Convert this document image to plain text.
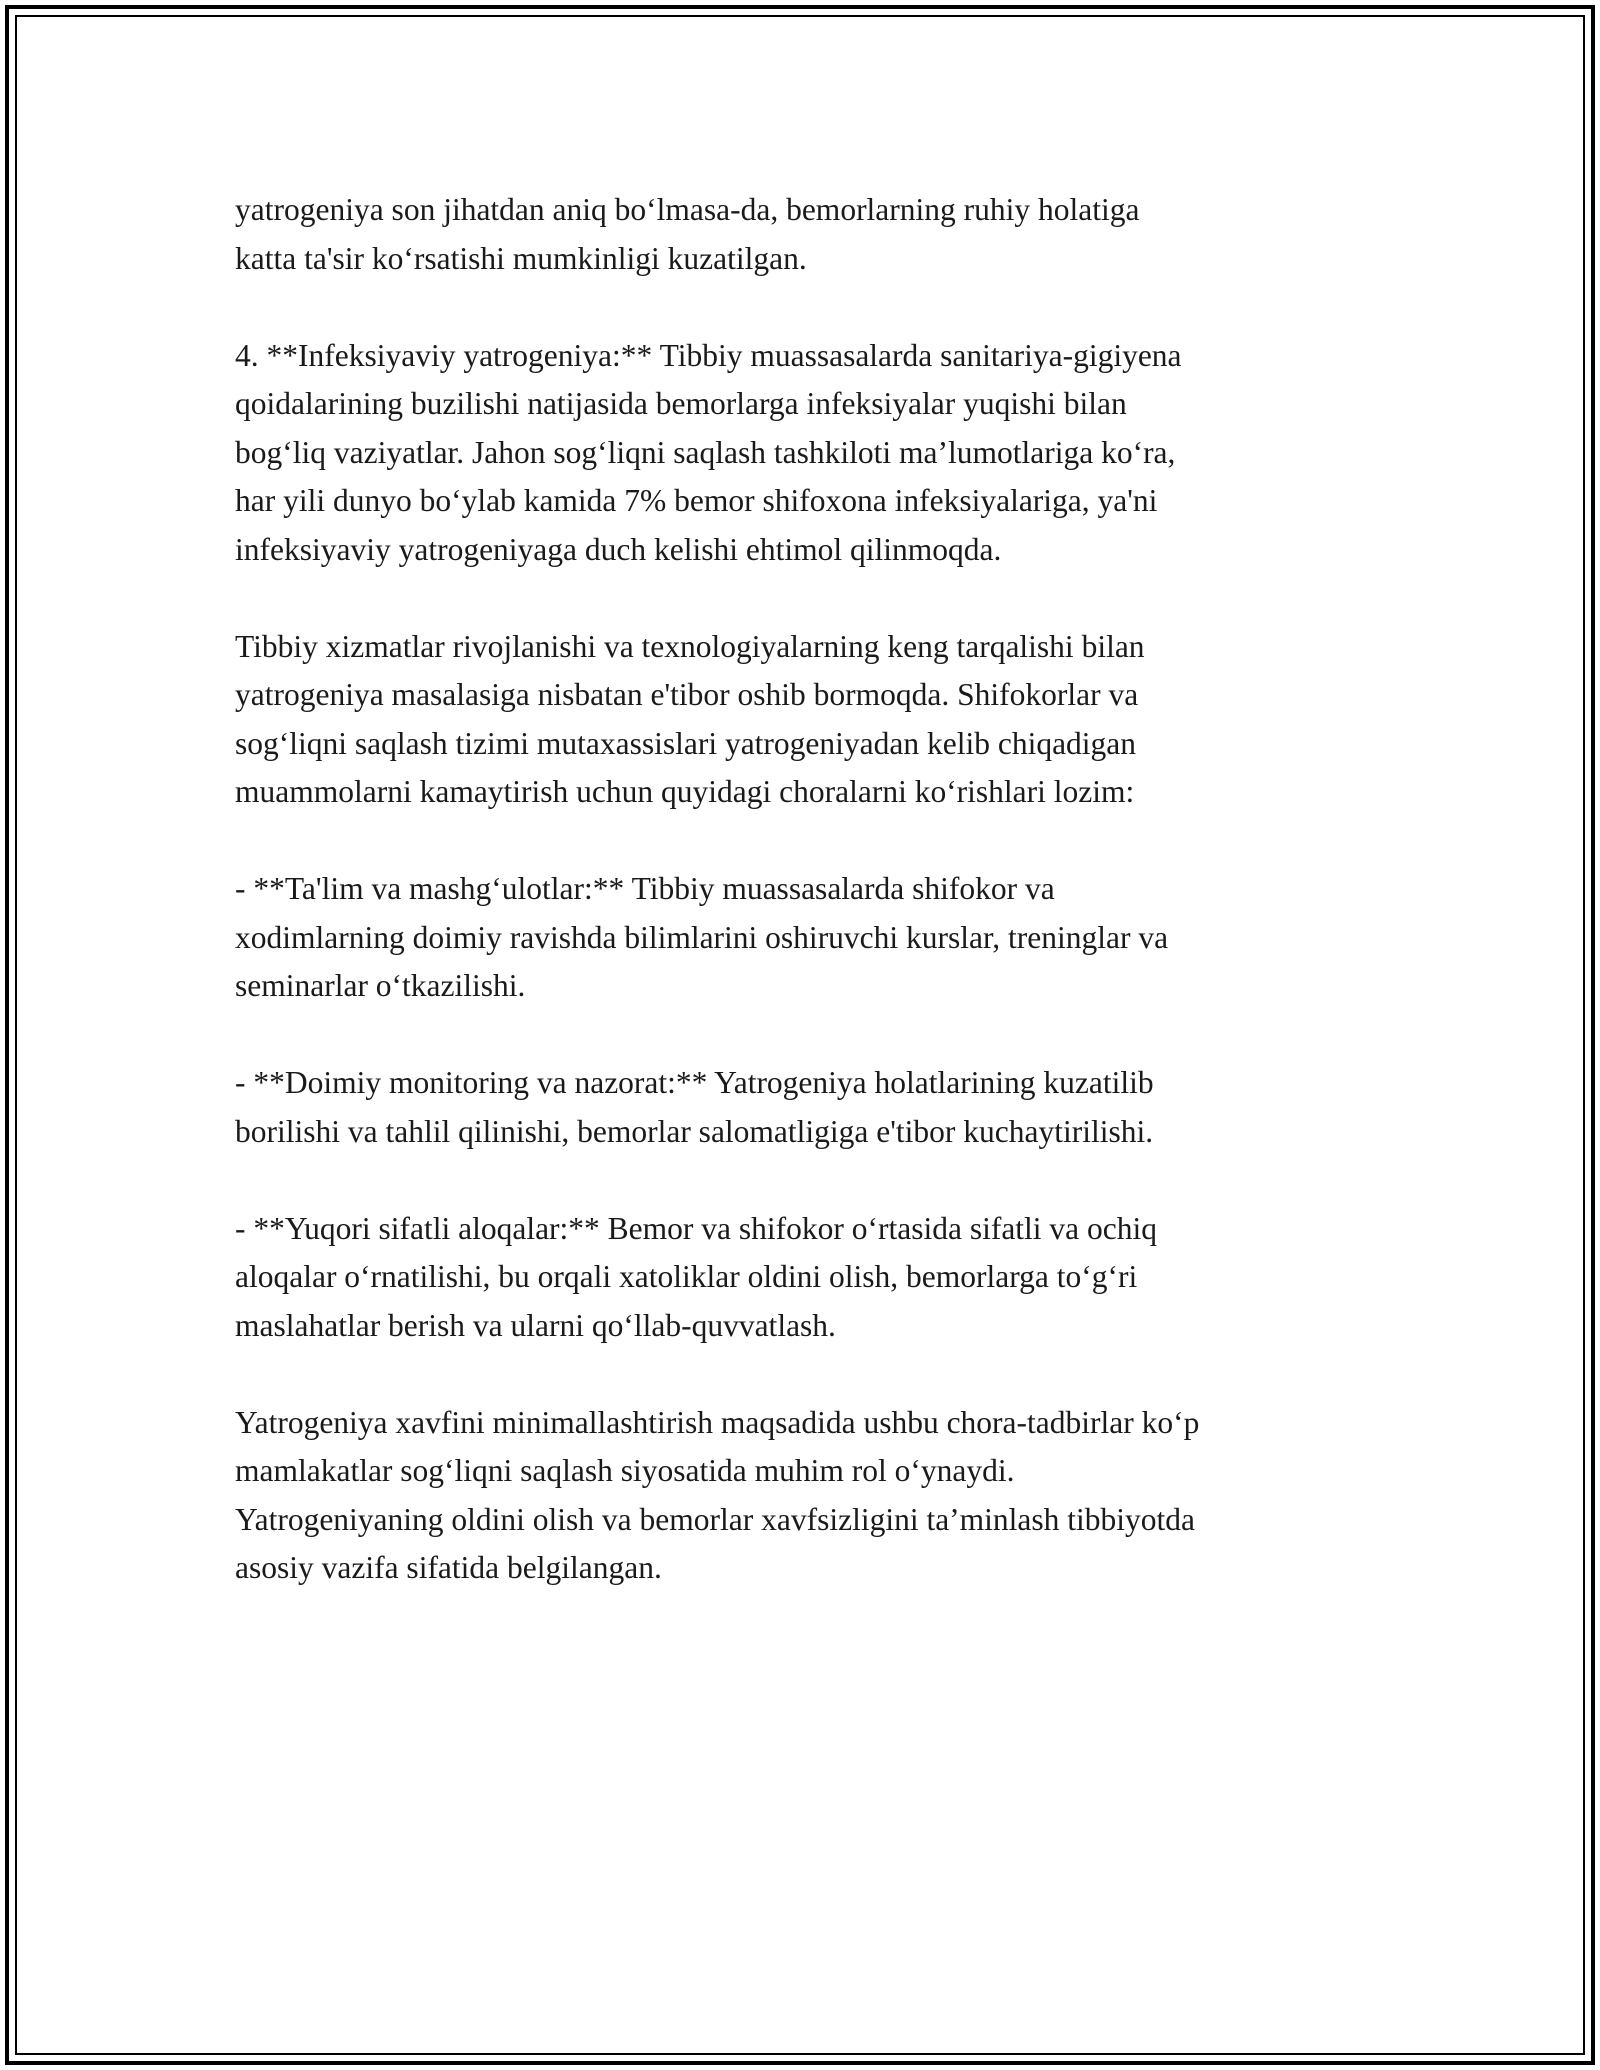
yatrogeniya son jihatdan aniq bo‘lmasa-da, bemorlarning ruhiy holatiga
katta ta'sir ko‘rsatishi mumkinligi kuzatilgan.

4. **Infeksiyaviy yatrogeniya:** Tibbiy muassasalarda sanitariya-gigiyena
qoidalarining buzilishi natijasida bemorlarga infeksiyalar yuqishi bilan
bog‘liq vaziyatlar. Jahon sog‘liqni saqlash tashkiloti ma’lumotlariga ko‘ra,
har yili dunyo bo‘ylab kamida 7% bemor shifoxona infeksiyalariga, ya'ni
infeksiyaviy yatrogeniyaga duch kelishi ehtimol qilinmoqda.

Tibbiy xizmatlar rivojlanishi va texnologiyalarning keng tarqalishi bilan
yatrogeniya masalasiga nisbatan e'tibor oshib bormoqda. Shifokorlar va
sog‘liqni saqlash tizimi mutaxassislari yatrogeniyadan kelib chiqadigan
muammolarni kamaytirish uchun quyidagi choralarni ko‘rishlari lozim:

- **Ta'lim va mashg‘ulotlar:** Tibbiy muassasalarda shifokor va
xodimlarning doimiy ravishda bilimlarini oshiruvchi kurslar, treninglar va
seminarlar o‘tkazilishi.

- **Doimiy monitoring va nazorat:** Yatrogeniya holatlarining kuzatilib
borilishi va tahlil qilinishi, bemorlar salomatligiga e'tibor kuchaytirilishi.

- **Yuqori sifatli aloqalar:** Bemor va shifokor o‘rtasida sifatli va ochiq
aloqalar o‘rnatilishi, bu orqali xatoliklar oldini olish, bemorlarga to‘g‘ri
maslahatlar berish va ularni qo‘llab-quvvatlash.

Yatrogeniya xavfini minimallashtirish maqsadida ushbu chora-tadbirlar ko‘p
mamlakatlar sog‘liqni saqlash siyosatida muhim rol o‘ynaydi.
Yatrogeniyaning oldini olish va bemorlar xavfsizligini ta’minlash tibbiyotda
asosiy vazifa sifatida belgilangan.
